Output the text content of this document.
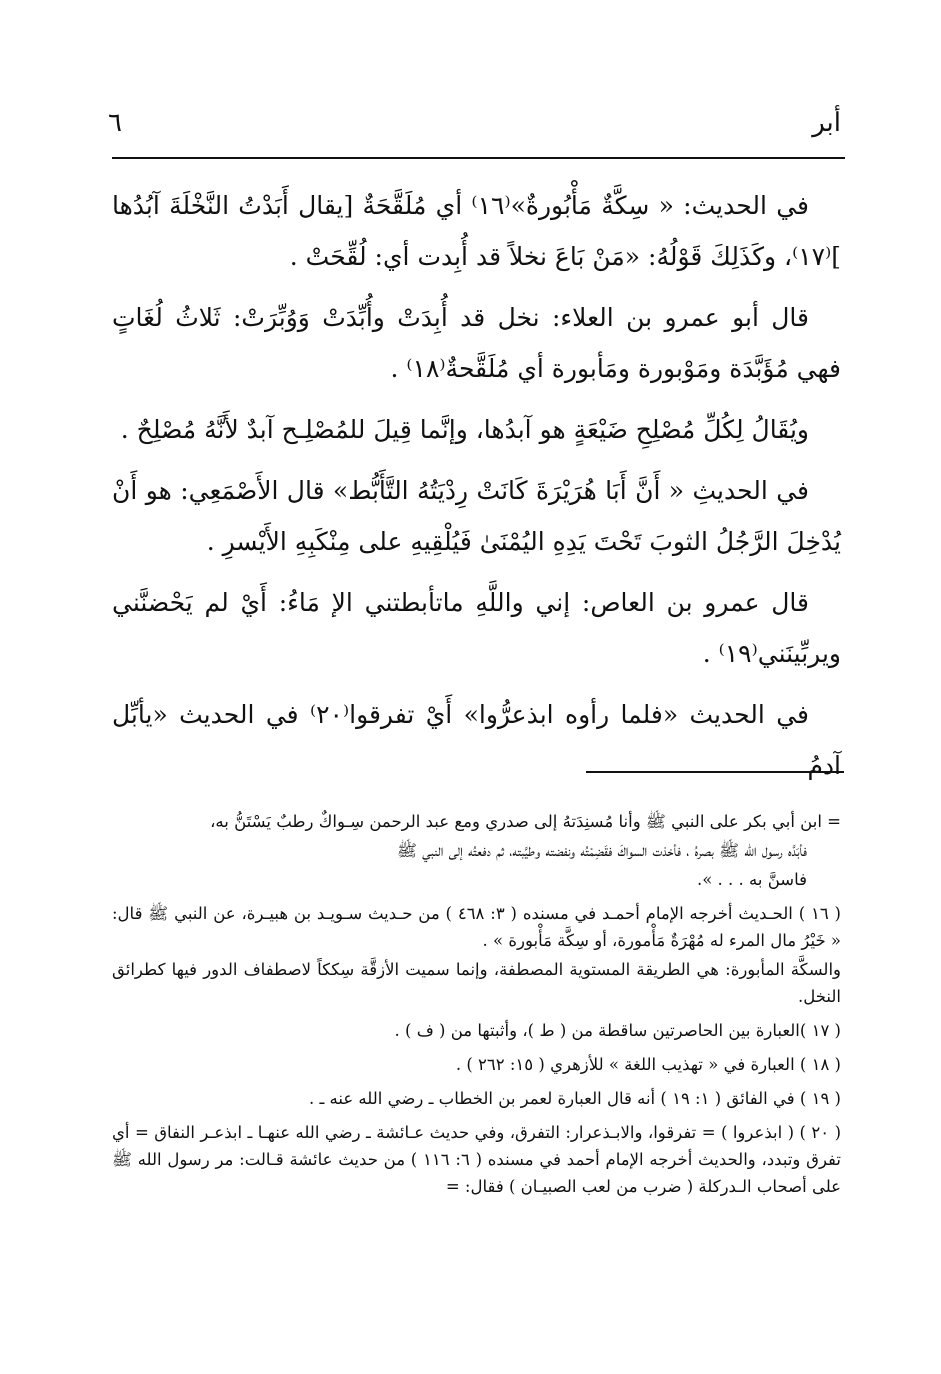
٦	أبر

في الحديث: « سِكَّةٌ مَأْبُورةٌ»⁽١٦⁾ أي مُلَقَّحَةٌ [يقال أَبَدْتُ النَّخْلَةَ آبُدُها ]⁽١٧⁾، وكَذَلِكَ قَوْلُهُ: «مَنْ بَاعَ نخلاً قد أُبِدت أي: لُقِّحَتْ .

قال أبو عمرو بن العلاء: نخل قد أُبِدَتْ وأُبِّدَتْ وَوُبِّرَتْ: ثَلاثُ لُغَاتٍ فهي مُؤَبَّدَة ومَوْبورة ومَأبورة أي مُلَقَّحةٌ⁽١٨⁾ .

ويُقَالُ لِكُلِّ مُصْلِحِ ضَيْعَةٍ هو آبدُها، وإنَّما قِيلَ للمُصْلِـح آبدٌ لأَنَّهُ مُصْلِحٌ .

في الحديثِ « أَنَّ أَبَا هُرَيْرَةَ كَانَتْ رِدْيَتُهُ التَّأَبُّط» قال الأَصْمَعِي: هو أَنْ يُدْخِلَ الرَّجُلُ الثوبَ تَحْتَ يَدِهِ اليُمْنَىٰ فَيُلْقِيهِ على مِنْكَبِهِ الأَيْسرِ .

قال عمرو بن العاص: إني واللَّهِ ماتأبطتني الإ مَاءُ: أَيْ لم يَحْضنَّني ويربِّينَني⁽١٩⁾ .

في الحديث «فلما رأوه ابذعرُّوا» أَيْ تفرقوا⁽٢٠⁾ في الحديث «يأبِّل آدمُ

= ابن أبي بكر على النبي ﷺ وأنا مُسنِدَتهُ إلى صدري ومع عبد الرحمن سِـواكٌ رطبٌ يَسْتَنُّ به،

فأبَدَّه رسول الله ﷺ بصرهُ ، فأخذت السواكَ فقَضِمْتُه ونفضته وطيَّبته، ثم دفعتُه إلى النبي ﷺ

فاسنَّ به . . . ».

( ١٦ ) الحـديث أخرجه الإمام أحمـد في مسنده ( ٣: ٤٦٨ ) من حـديث سـويـد بن هبيـرة، عن النبي ﷺ قال: « خَيْرُ مال المرء له مُهْرَةٌ مَأْمورة، أو سِكَّة مَأْبورة » .

والسكَّة المأبورة: هي الطريقة المستوية المصطفة، وإنما سميت الأزقَّة سِككاً لاصطفاف الدور فيها كطرائق النخل.

( ١٧ )العبارة بين الحاصرتين ساقطة من ( ط )، وأثبتها من ( ف ) .

( ١٨ ) العبارة في « تهذيب اللغة » للأزهري ( ١٥: ٢٦٢ ) .

( ١٩ ) في الفائق ( ١: ١٩ ) أنه قال العبارة لعمر بن الخطاب ـ رضي الله عنه ـ .

( ٢٠ ) ( ابذعروا ) = تفرقوا، والابـذعرار: التفرق، وفي حديث عـائشة ـ رضي الله عنهـا ـ ابذعـر النفاق = أي تفرق وتبدد، والحديث أخرجه الإمام أحمد في مسنده ( ٦: ١١٦ ) من حديث عائشة قـالت: مر رسول الله ﷺ على أصحاب الـدركلة ( ضرب من لعب الصبيـان ) فقال: =
